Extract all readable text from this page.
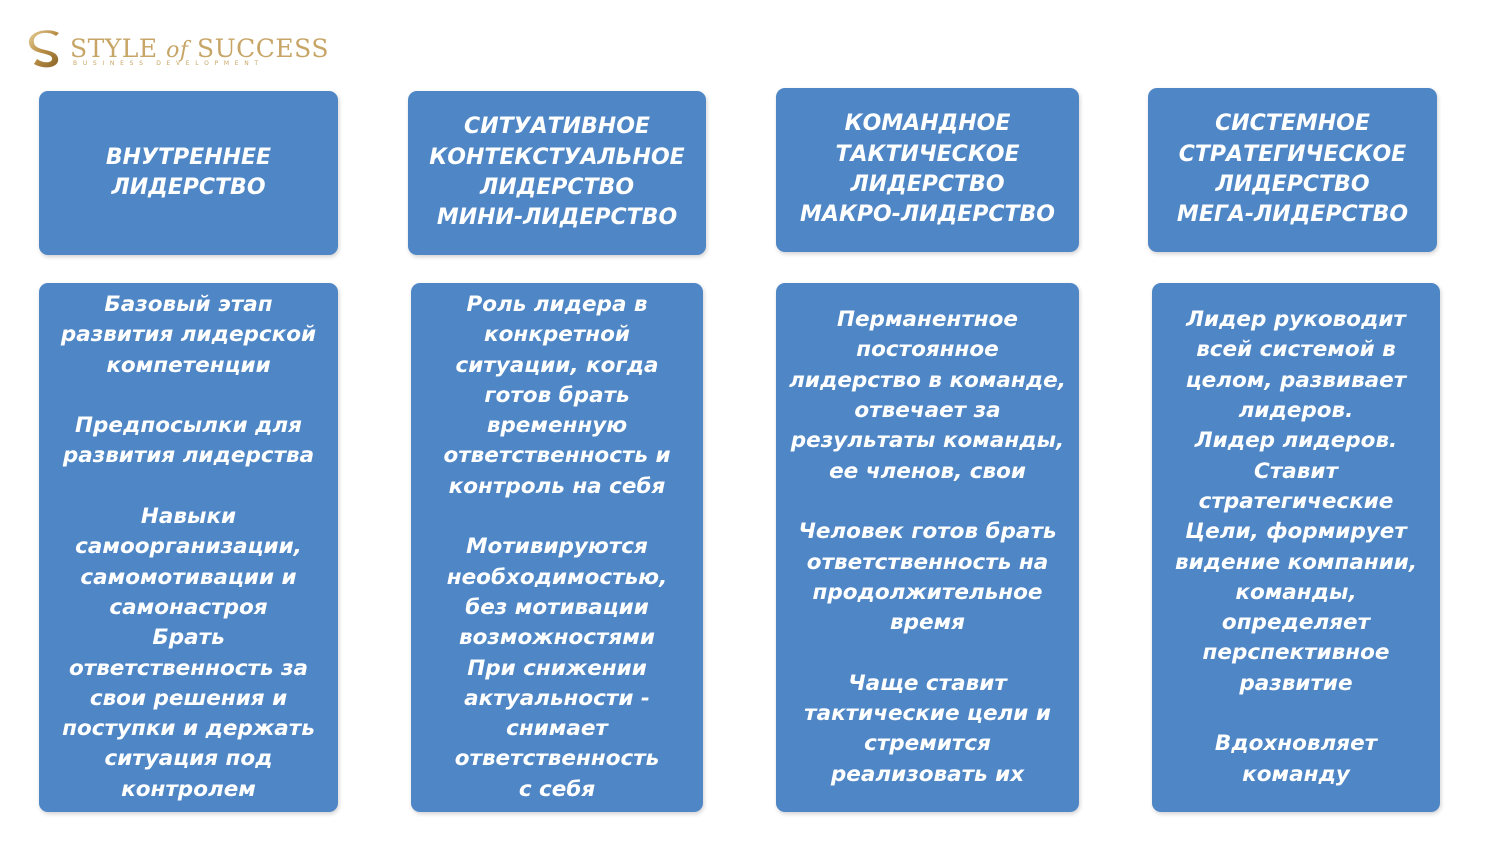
STYLE of SUCCESS
BUSINESS DEVELOPMENT
ВНУТРЕННЕЕ
ЛИДЕРСТВО
Базовый этап
развития лидерской
компетенции
Предпосылки для
развития лидерства
Навыки
самоорганизации,
самомотивации и
самонастроя
Брать
ответственность за
свои решения и
поступки и держать
ситуация под
контролем
СИТУАТИВНОЕ
КОНТЕКСТУАЛЬНОЕ
ЛИДЕРСТВО
МИНИ-ЛИДЕРСТВО
Роль лидера в
конкретной
ситуации, когда
готов брать
временную
ответственность и
контроль на себя
Мотивируются
необходимостью,
без мотивации
возможностями
При снижении
актуальности -
снимает
ответственность
с себя
КОМАНДНОЕ
ТАКТИЧЕСКОЕ
ЛИДЕРСТВО
МАКРО-ЛИДЕРСТВО
Перманентное
постоянное
лидерство в команде,
отвечает за
результаты команды,
ее членов, свои
Человек готов брать
ответственность на
продолжительное
время
Чаще ставит
тактические цели и
стремится
реализовать их
СИСТЕМНОЕ
СТРАТЕГИЧЕСКОЕ
ЛИДЕРСТВО
МЕГА-ЛИДЕРСТВО
Лидер руководит
всей системой в
целом, развивает
лидеров.
Лидер лидеров.
Ставит
стратегические
Цели, формирует
видение компании,
команды,
определяет
перспективное
развитие
Вдохновляет
команду
